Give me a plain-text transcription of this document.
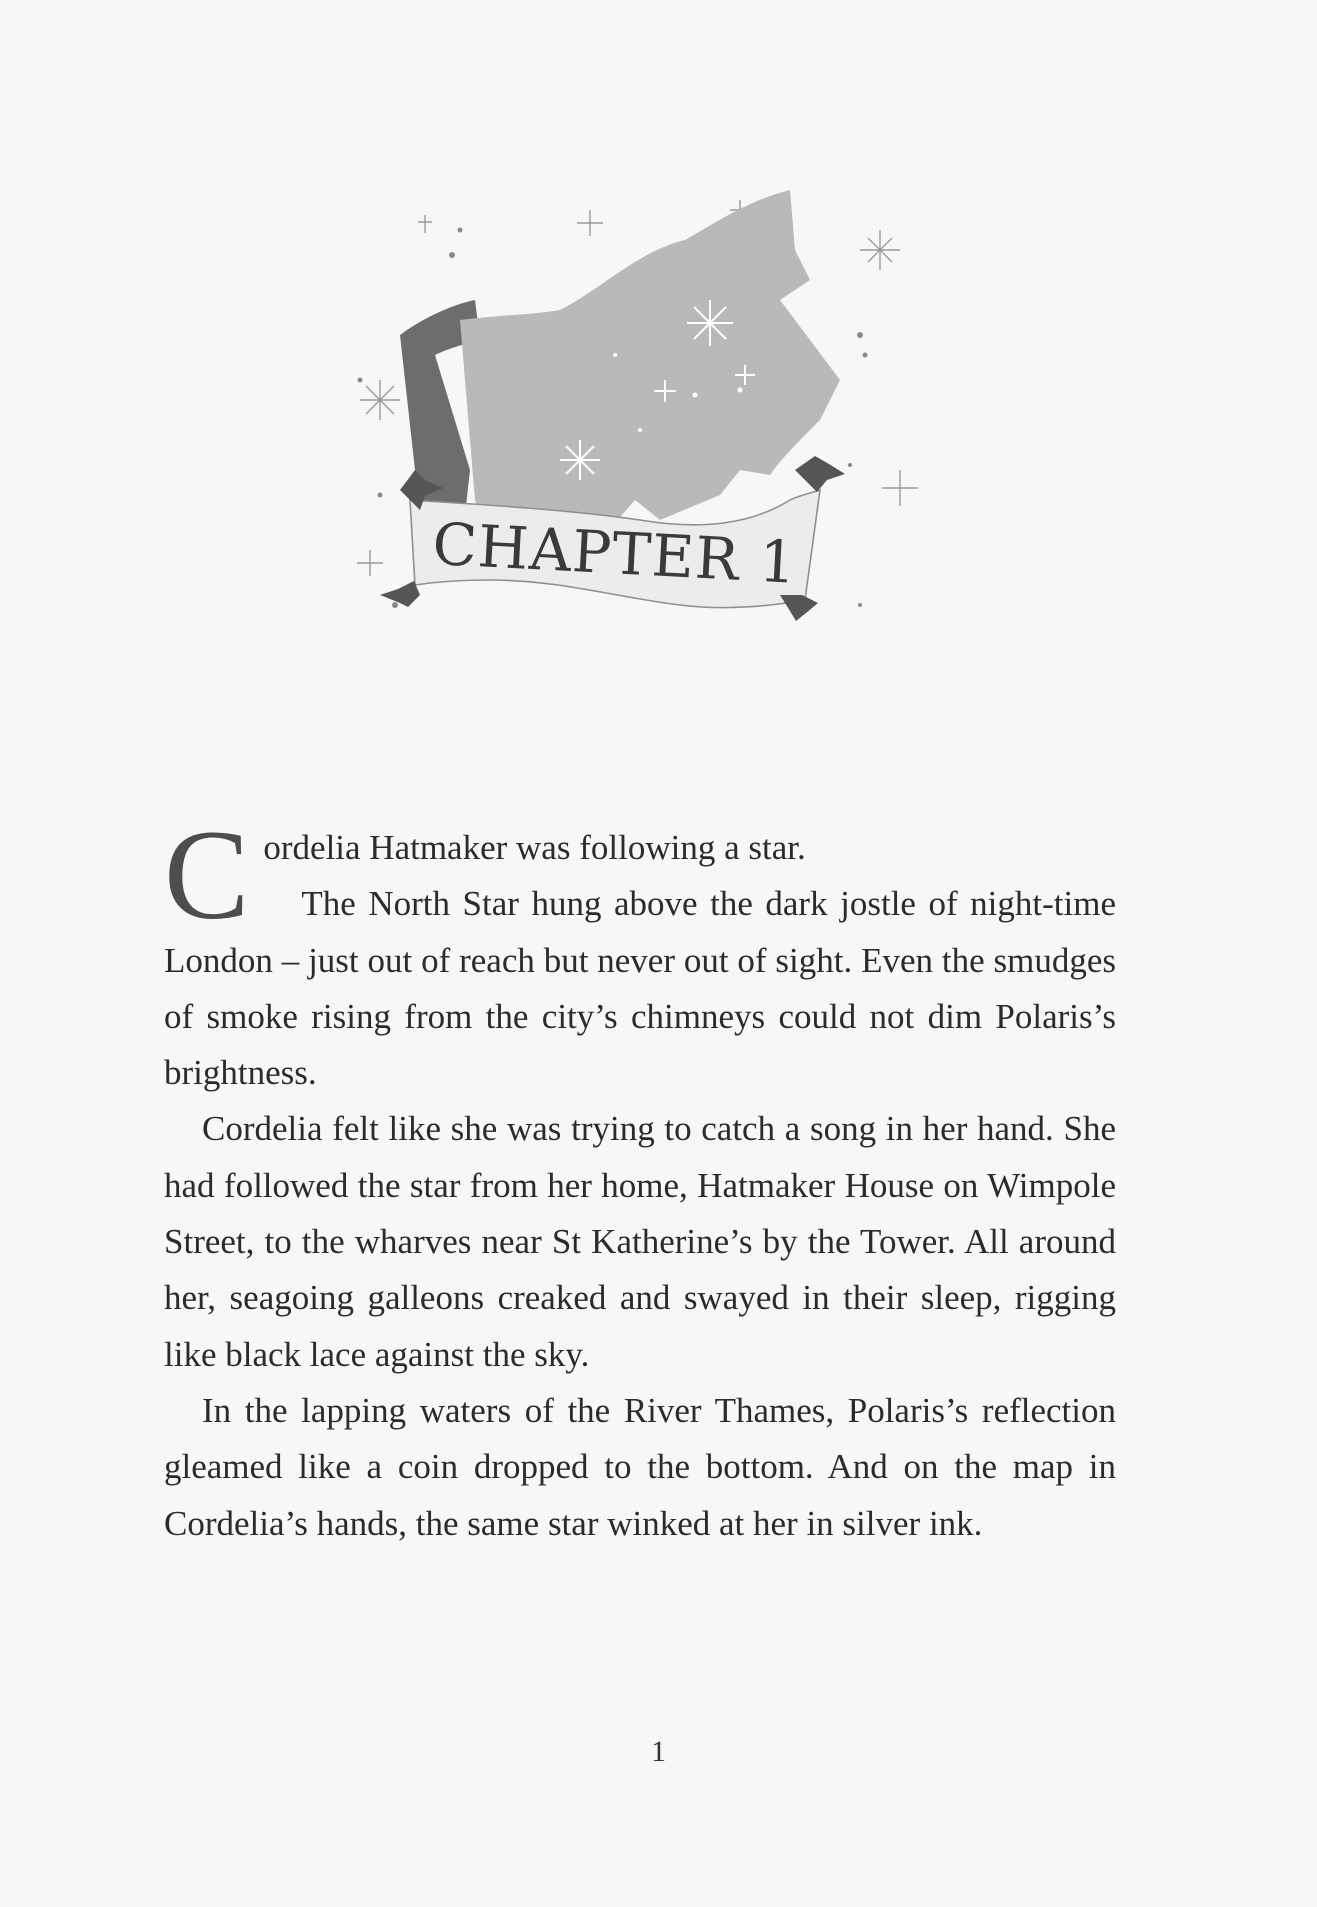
CHAPTER 1

C ordelia Hatmaker was following a star.

The North Star hung above the dark jostle of night-time London – just out of reach but never out of sight. Even the smudges of smoke rising from the city’s chimneys could not dim Polaris’s brightness.

Cordelia felt like she was trying to catch a song in her hand. She had followed the star from her home, Hatmaker House on Wimpole Street, to the wharves near St Katherine’s by the Tower. All around her, seagoing galleons creaked and swayed in their sleep, rigging like black lace against the sky.

In the lapping waters of the River Thames, Polaris’s reflection gleamed like a coin dropped to the bottom. And on the map in Cordelia’s hands, the same star winked at her in silver ink.

1
